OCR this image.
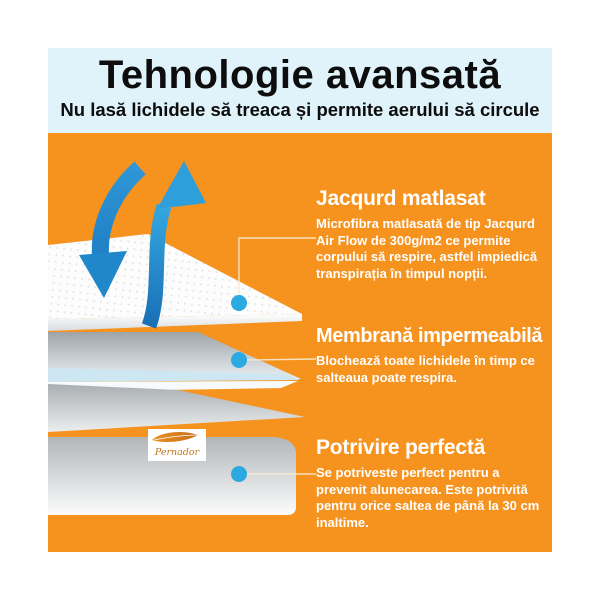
Tehnologie avansată
Nu lasă lichidele să treaca și permite aerului să circule
Pernador
Jacqurd matlasat

Microfibra matlasată de tip Jacqurd Air Flow de 300g/m2 ce permite corpului să respire, astfel impiedică transpirația în timpul nopții.

Membrană impermeabilă

Blochează toate lichidele în timp ce salteaua poate respira.

Potrivire perfectă

Se potriveste perfect pentru a prevenit alunecarea. Este potrivită pentru orice saltea de până la 30 cm inaltime.
